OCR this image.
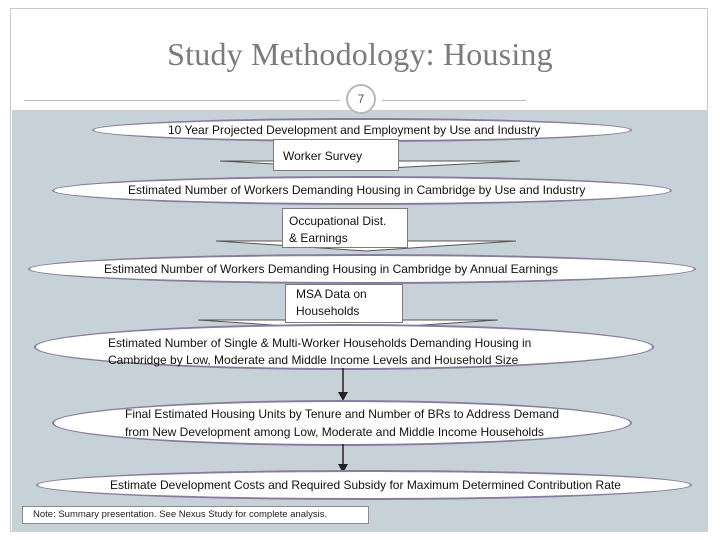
Study Methodology: Housing
7
10 Year Projected Development and Employment by Use and Industry
Worker Survey
Estimated Number of Workers Demanding Housing in Cambridge by Use and Industry
Occupational Dist.
& Earnings
Estimated Number of Workers Demanding Housing in Cambridge by Annual Earnings
MSA Data on
Households
Estimated Number of Single & Multi-Worker Households Demanding Housing in
Cambridge by Low, Moderate and Middle Income Levels and Household Size
Final Estimated Housing Units by Tenure and Number of BRs to Address Demand
from New Development among Low, Moderate and Middle Income Households
Estimate Development Costs and Required Subsidy for Maximum Determined Contribution Rate
Note: Summary presentation. See Nexus Study for complete analysis.
